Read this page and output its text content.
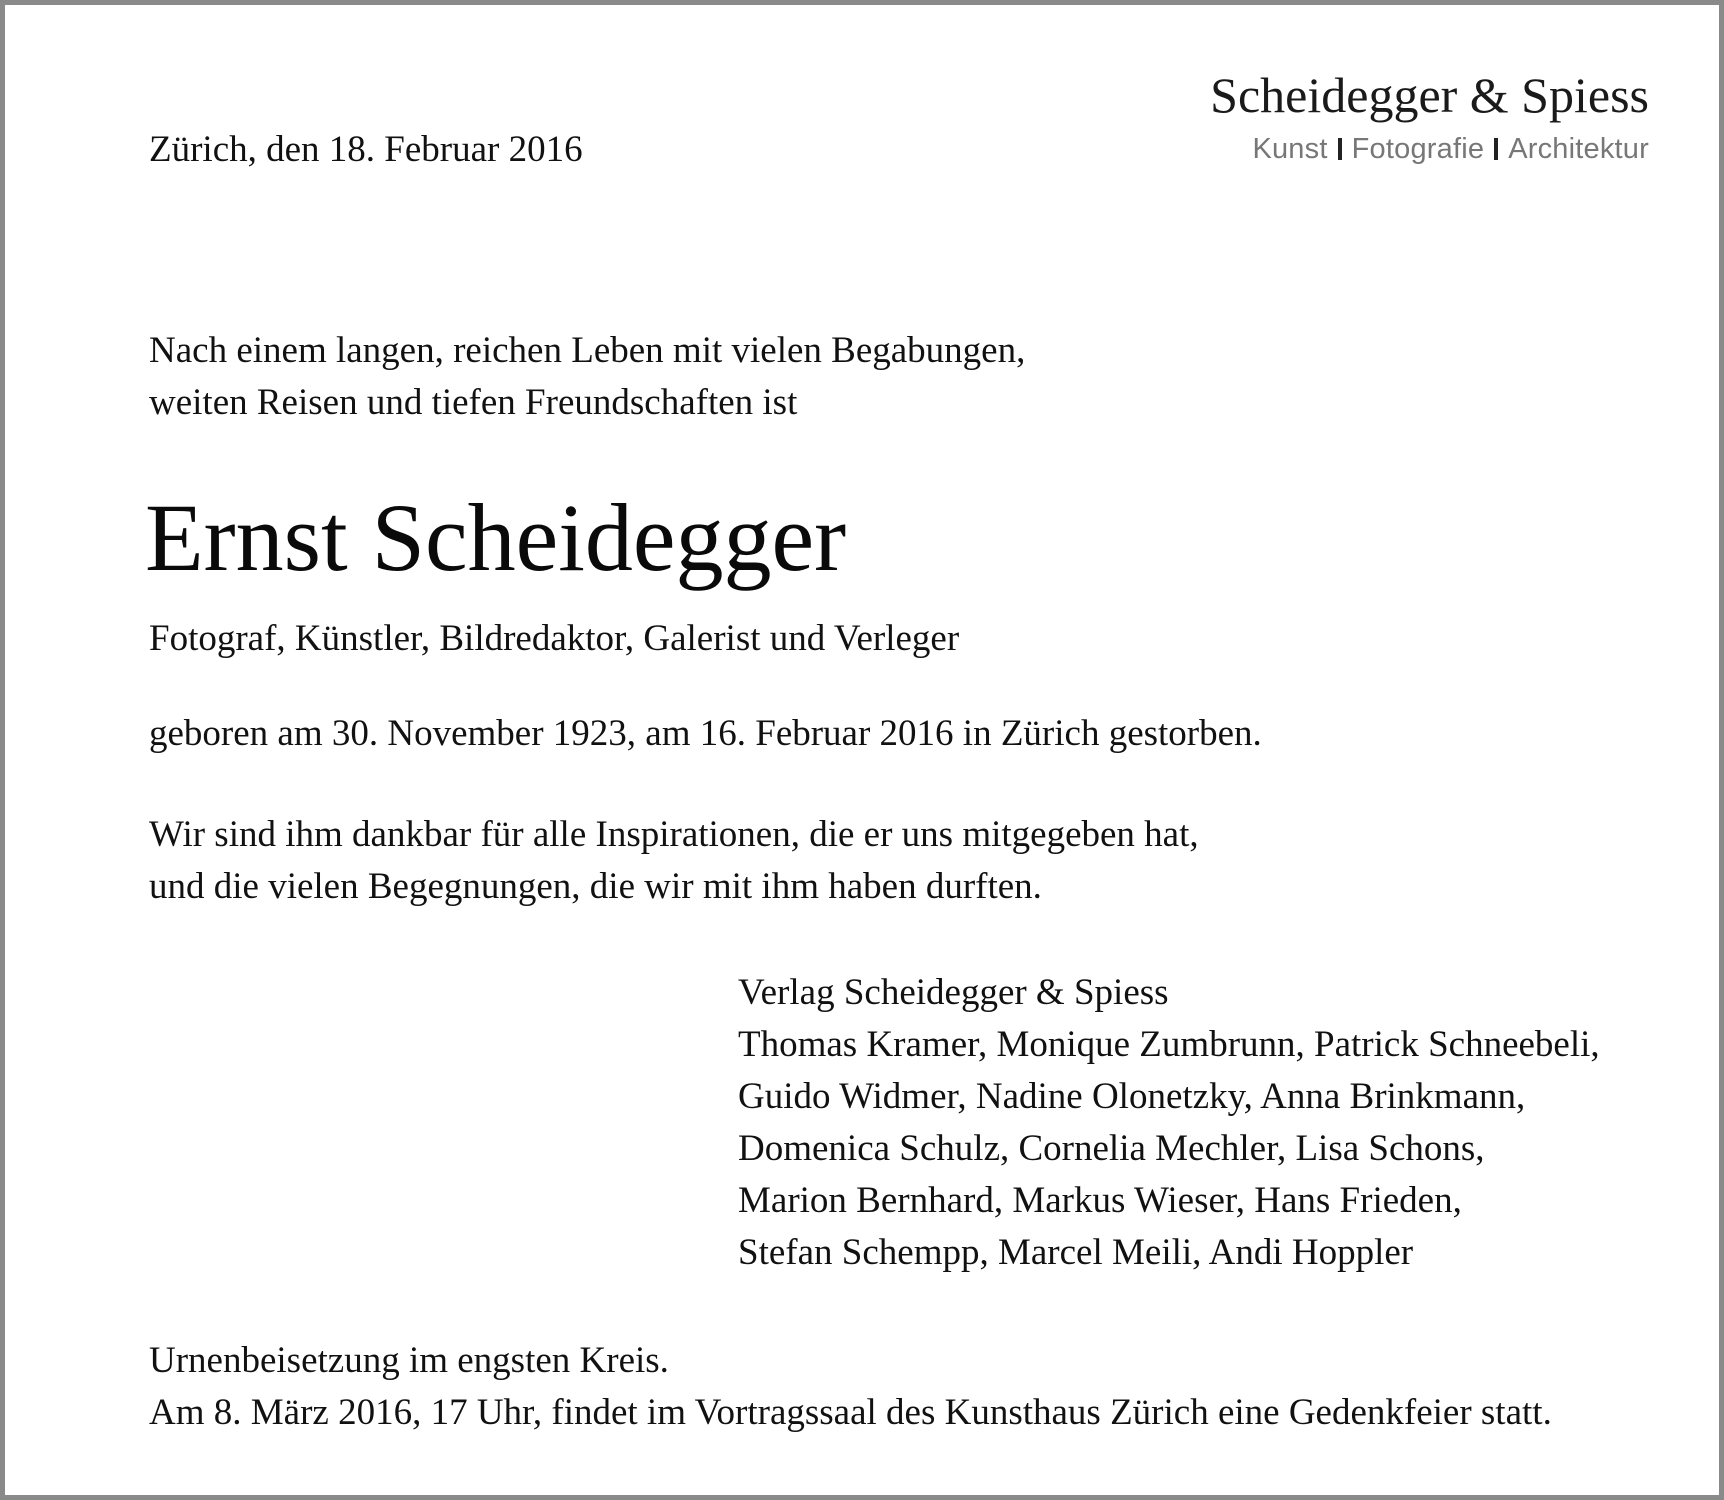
Zürich, den 18. Februar 2016
Scheidegger & Spiess
Kunst Fotografie Architektur
Nach einem langen, reichen Leben mit vielen Begabungen,
weiten Reisen und tiefen Freundschaften ist
Ernst Scheidegger
Fotograf, Künstler, Bildredaktor, Galerist und Verleger
geboren am 30. November 1923, am 16. Februar 2016 in Zürich gestorben.
Wir sind ihm dankbar für alle Inspirationen, die er uns mitgegeben hat,
und die vielen Begegnungen, die wir mit ihm haben durften.
Verlag Scheidegger & Spiess
Thomas Kramer, Monique Zumbrunn, Patrick Schneebeli,
Guido Widmer, Nadine Olonetzky, Anna Brinkmann,
Domenica Schulz, Cornelia Mechler, Lisa Schons,
Marion Bernhard, Markus Wieser, Hans Frieden,
Stefan Schempp, Marcel Meili, Andi Hoppler
Urnenbeisetzung im engsten Kreis.
Am 8. März 2016, 17 Uhr, findet im Vortragssaal des Kunsthaus Zürich eine Gedenkfeier statt.
